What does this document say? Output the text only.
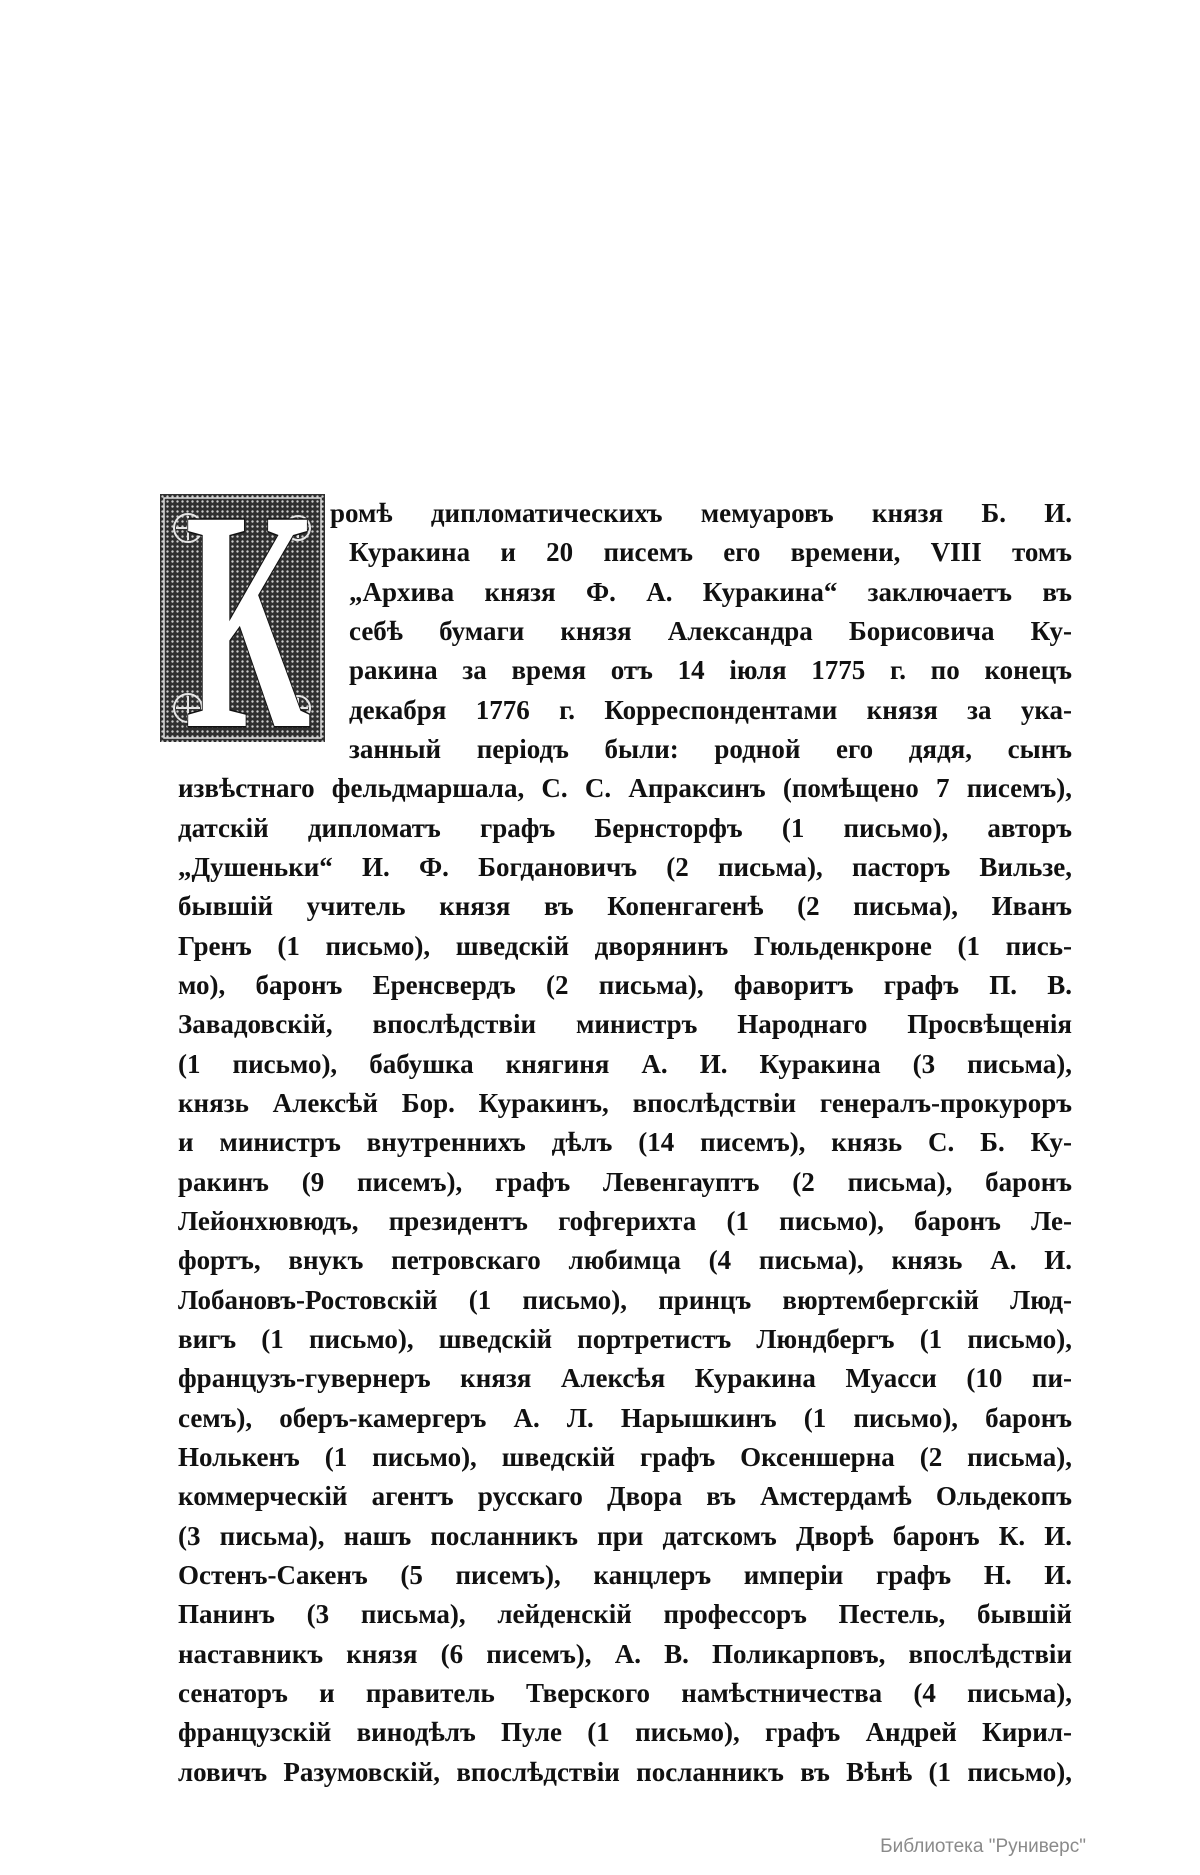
К ромѣ дипломатическихъ мемуаровъ князя Б. И.
Куракина и 20 писемъ его времени, VIII томъ
„Архива князя Ф. А. Куракина“ заключаетъ въ
себѣ бумаги князя Александра Борисовича Ку-
ракина за время отъ 14 іюля 1775 г. по конецъ
декабря 1776 г. Корреспондентами князя за ука-
занный періодъ были: родной его дядя, сынъ
извѣстнаго фельдмаршала, С. С. Апраксинъ (помѣщено 7 писемъ),
датскій дипломатъ графъ Бернсторфъ (1 письмо), авторъ
„Душеньки“ И. Ф. Богдановичъ (2 письма), пасторъ Вильзе,
бывшій учитель князя въ Копенгагенѣ (2 письма), Иванъ
Гренъ (1 письмо), шведскій дворянинъ Гюльденкроне (1 пись-
мо), баронъ Еренсвердъ (2 письма), фаворитъ графъ П. В.
Завадовскій, впослѣдствіи министръ Народнаго Просвѣщенія
(1 письмо), бабушка княгиня А. И. Куракина (3 письма),
князь Алексѣй Бор. Куракинъ, впослѣдствіи генералъ-прокуроръ
и министръ внутреннихъ дѣлъ (14 писемъ), князь С. Б. Ку-
ракинъ (9 писемъ), графъ Левенгауптъ (2 письма), баронъ
Лейонхювюдъ, президентъ гофгерихта (1 письмо), баронъ Ле-
фортъ, внукъ петровскаго любимца (4 письма), князь А. И.
Лобановъ-Ростовскій (1 письмо), принцъ вюртембергскій Люд-
вигъ (1 письмо), шведскій портретистъ Люндбергъ (1 письмо),
французъ-гувернеръ князя Алексѣя Куракина Муасси (10 пи-
семъ), оберъ-камергеръ А. Л. Нарышкинъ (1 письмо), баронъ
Нолькенъ (1 письмо), шведскій графъ Оксеншерна (2 письма),
коммерческій агентъ русскаго Двора въ Амстердамѣ Ольдекопъ
(3 письма), нашъ посланникъ при датскомъ Дворѣ баронъ К. И.
Остенъ-Сакенъ (5 писемъ), канцлеръ имперіи графъ Н. И.
Панинъ (3 письма), лейденскій профессоръ Пестель, бывшій
наставникъ князя (6 писемъ), А. В. Поликарповъ, впослѣдствіи
сенаторъ и правитель Тверского намѣстничества (4 письма),
французскій винодѣлъ Пуле (1 письмо), графъ Андрей Кирил-
ловичъ Разумовскій, впослѣдствіи посланникъ въ Вѣнѣ (1 письмо),
Библиотека "Руниверс"
